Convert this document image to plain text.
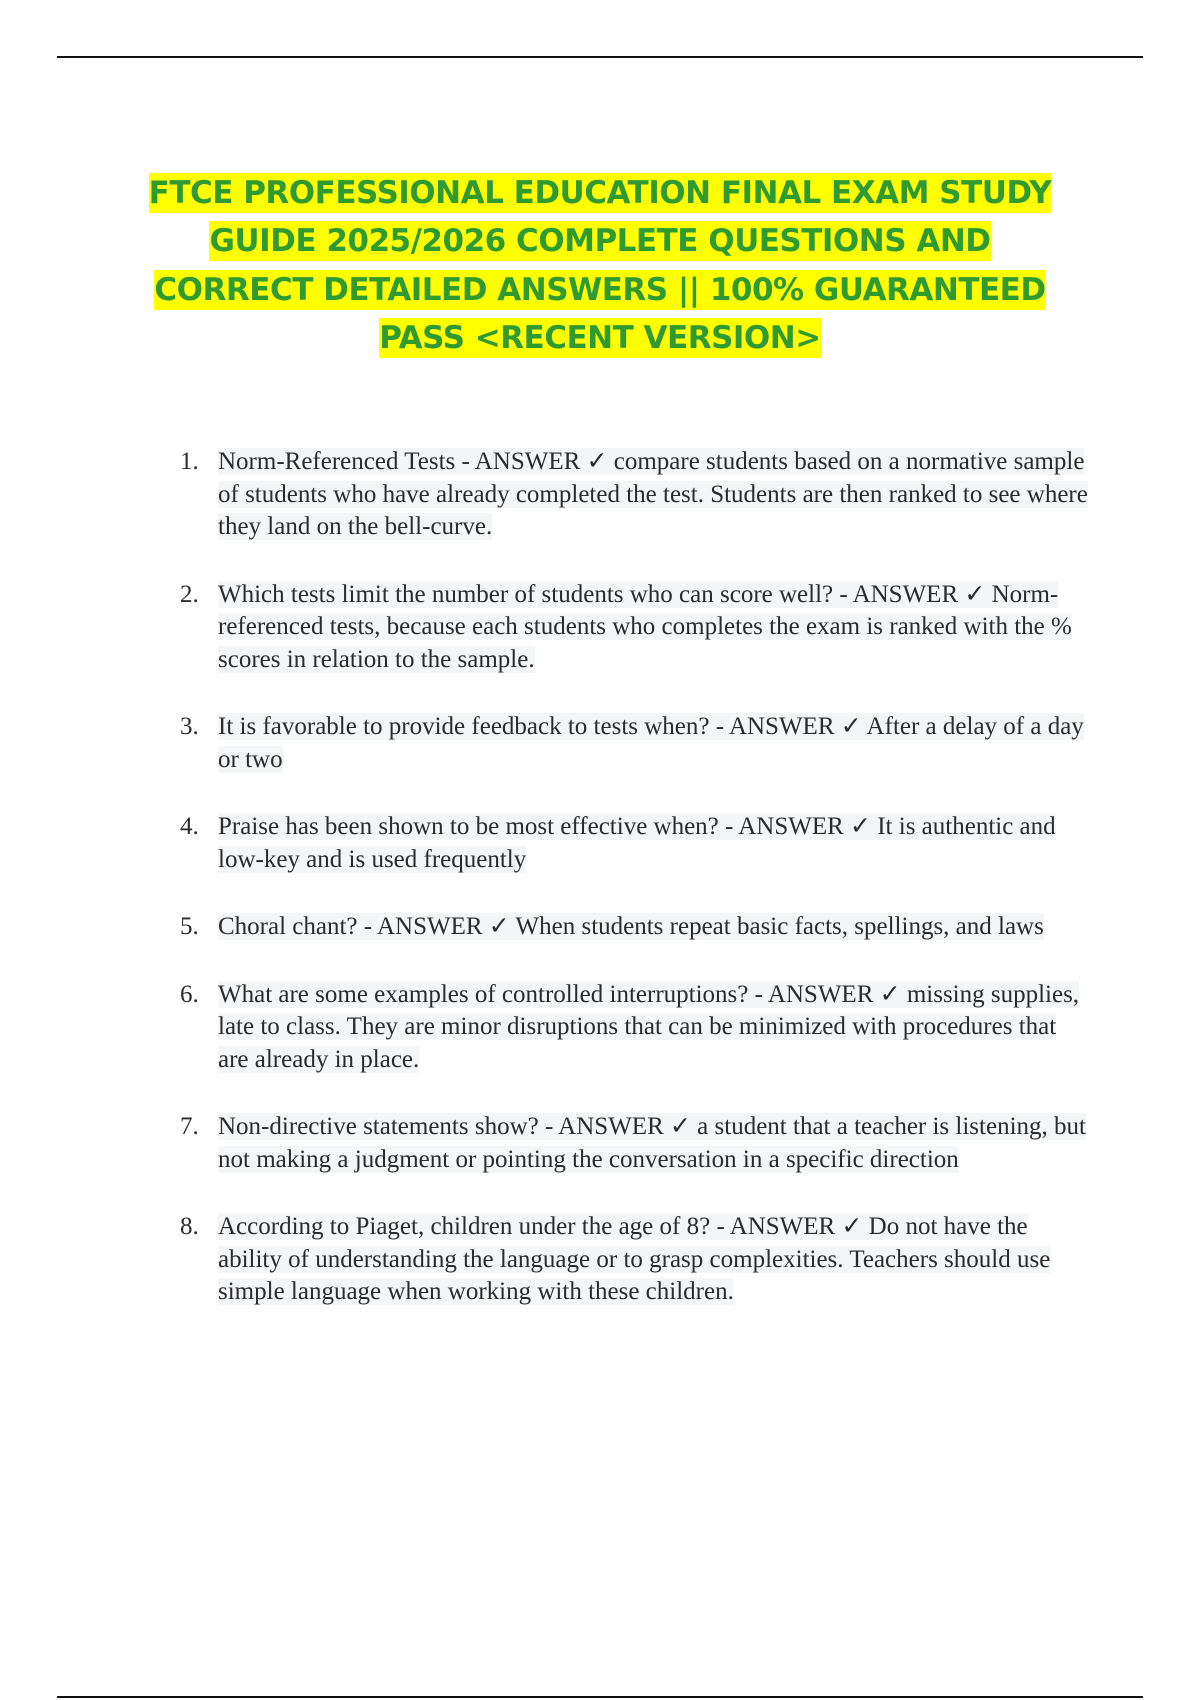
FTCE PROFESSIONAL EDUCATION FINAL EXAM STUDY GUIDE 2025/2026 COMPLETE QUESTIONS AND CORRECT DETAILED ANSWERS || 100% GUARANTEED PASS <RECENT VERSION>
1. Norm-Referenced Tests - ANSWER ✓ compare students based on a normative sample of students who have already completed the test. Students are then ranked to see where they land on the bell-curve.
2. Which tests limit the number of students who can score well? - ANSWER ✓ Norm-referenced tests, because each students who completes the exam is ranked with the % scores in relation to the sample.
3. It is favorable to provide feedback to tests when? - ANSWER ✓ After a delay of a day or two
4. Praise has been shown to be most effective when? - ANSWER ✓ It is authentic and low-key and is used frequently
5. Choral chant? - ANSWER ✓ When students repeat basic facts, spellings, and laws
6. What are some examples of controlled interruptions? - ANSWER ✓ missing supplies, late to class. They are minor disruptions that can be minimized with procedures that are already in place.
7. Non-directive statements show? - ANSWER ✓ a student that a teacher is listening, but not making a judgment or pointing the conversation in a specific direction
8. According to Piaget, children under the age of 8? - ANSWER ✓ Do not have the ability of understanding the language or to grasp complexities. Teachers should use simple language when working with these children.
